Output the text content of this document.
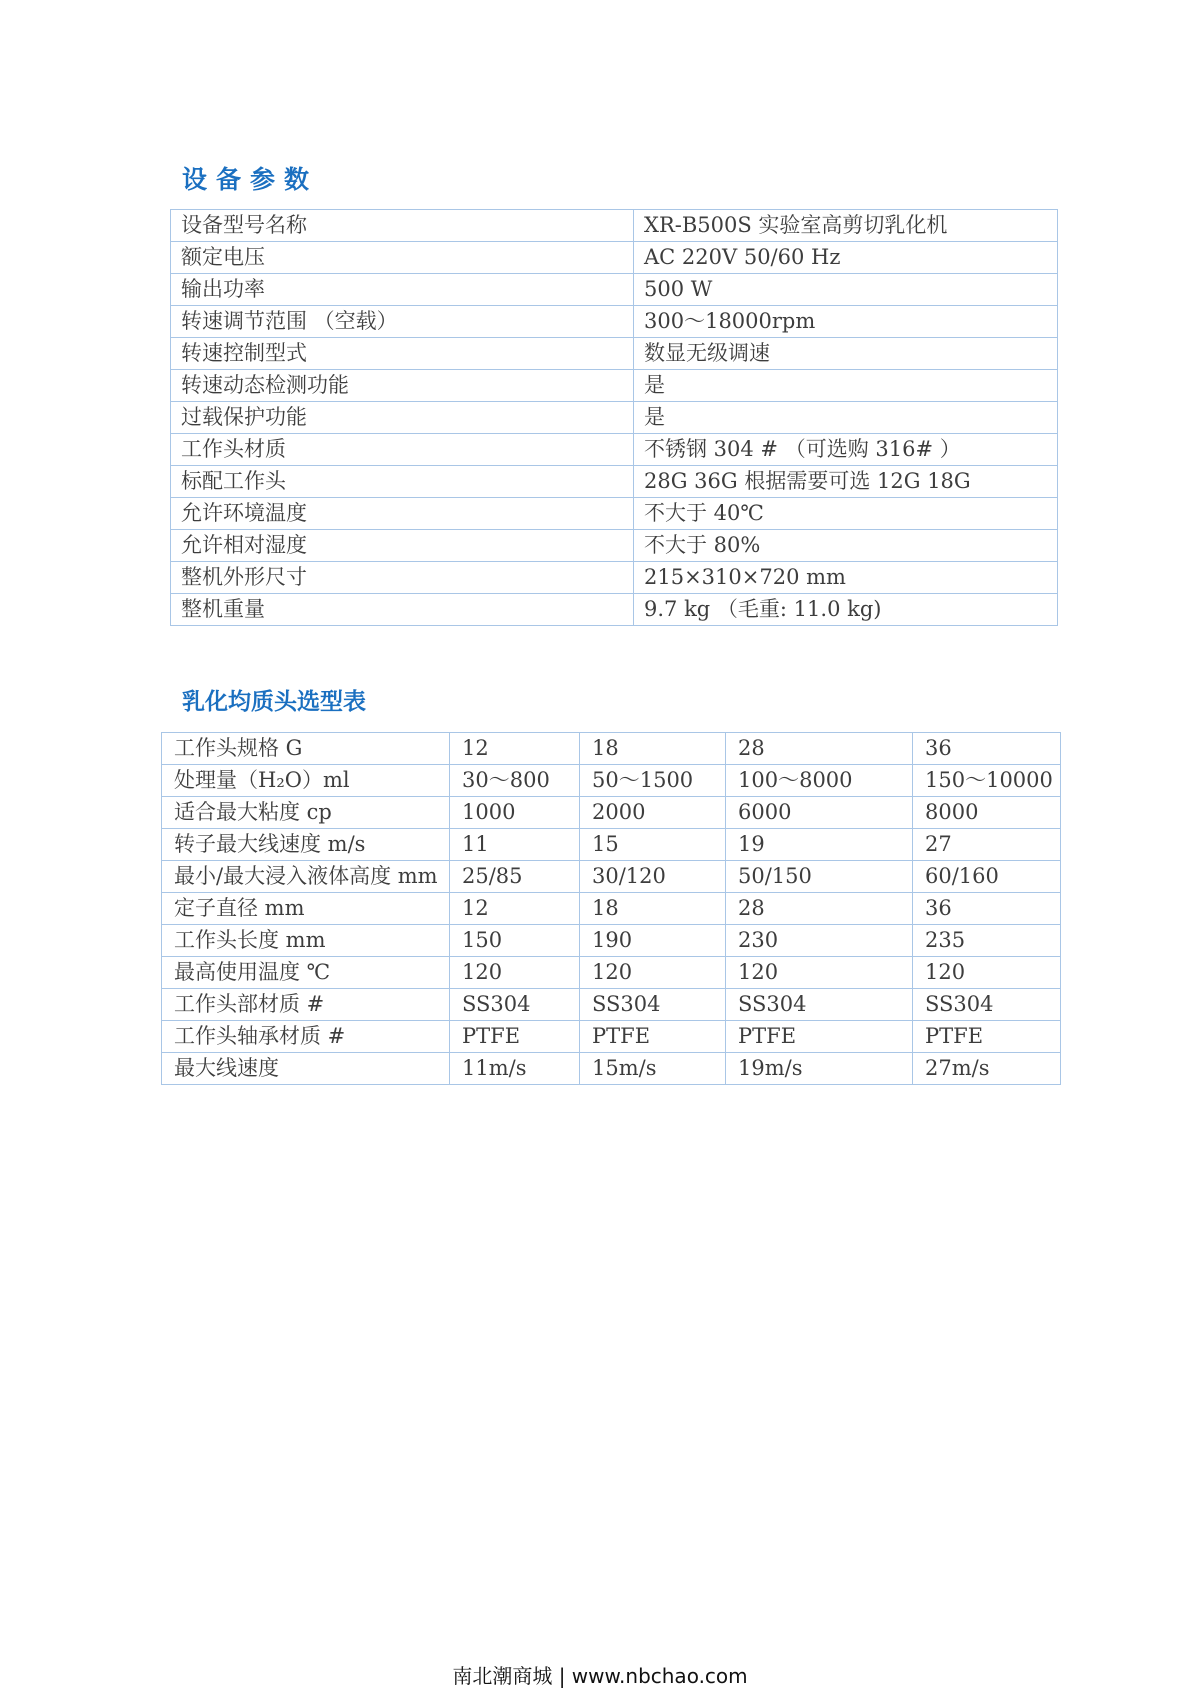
设备参数
设备型号名称	XR-B500S 实验室高剪切乳化机
额定电压	AC 220V 50/60 Hz
输出功率	500 W
转速调节范围 （空载）	300～18000rpm
转速控制型式	数显无级调速
转速动态检测功能	是
过载保护功能	是
工作头材质	不锈钢 304 # （可选购 316# ）
标配工作头	28G 36G 根据需要可选 12G 18G
允许环境温度	不大于 40℃
允许相对湿度	不大于 80%
整机外形尺寸	215×310×720 mm
整机重量	9.7 kg （毛重: 11.0 kg)
乳化均质头选型表
工作头规格 G	12	18	28	36
处理量（H₂O）ml	30～800	50～1500	100～8000	150～10000
适合最大粘度 cp	1000	2000	6000	8000
转子最大线速度 m/s	11	15	19	27
最小/最大浸入液体高度 mm	25/85	30/120	50/150	60/160
定子直径 mm	12	18	28	36
工作头长度 mm	150	190	230	235
最高使用温度 ℃	120	120	120	120
工作头部材质 #	SS304	SS304	SS304	SS304
工作头轴承材质 #	PTFE	PTFE	PTFE	PTFE
最大线速度	11m/s	15m/s	19m/s	27m/s
南北潮商城 | www.nbchao.com
